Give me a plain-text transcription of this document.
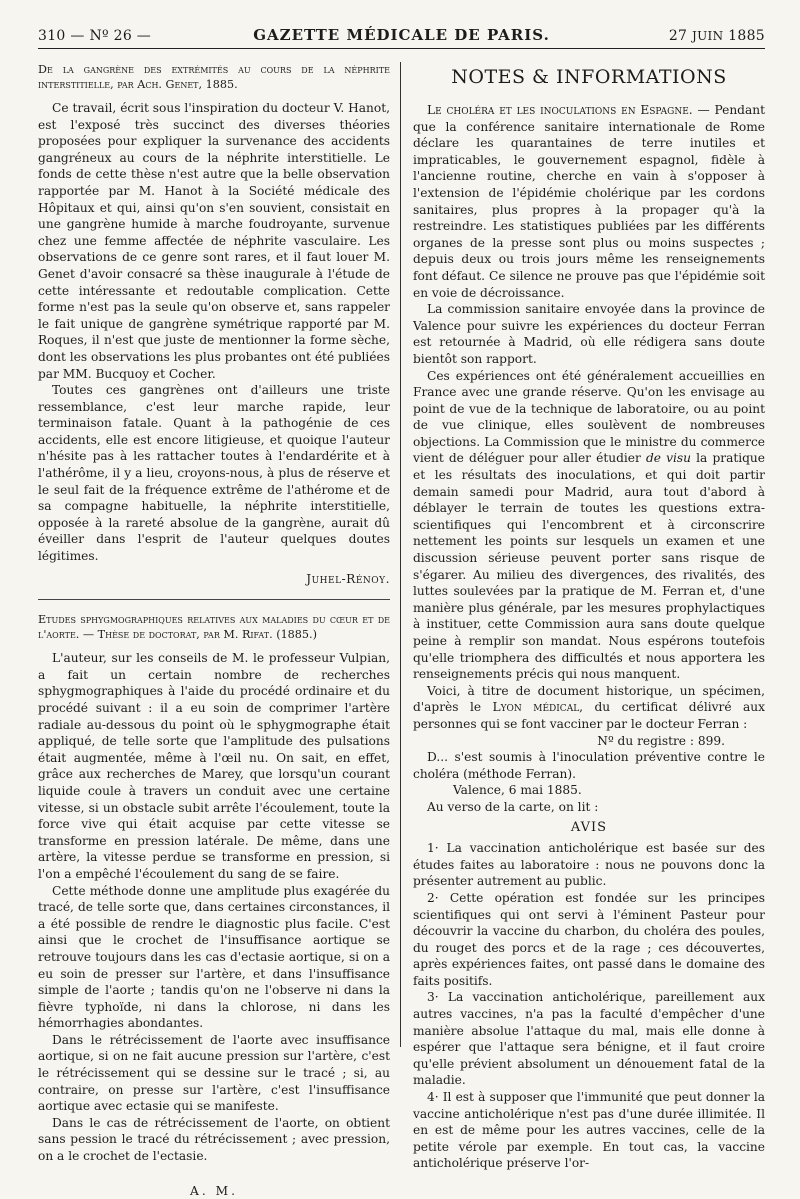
310 — Nº 26 —	GAZETTE MÉDICALE DE PARIS.	27 JUIN 1885

De la gangrène des extrémités au cours de la néphrite interstitielle, par Ach. Genet, 1885.

Ce travail, écrit sous l'inspiration du docteur V. Hanot, est l'exposé très succinct des diverses théories proposées pour expliquer la survenance des accidents gangréneux au cours de la néphrite interstitielle. Le fonds de cette thèse n'est autre que la belle observation rapportée par M. Hanot à la Société médicale des Hôpitaux et qui, ainsi qu'on s'en souvient, consistait en une gangrène humide à marche foudroyante, survenue chez une femme affectée de néphrite vasculaire. Les observations de ce genre sont rares, et il faut louer M. Genet d'avoir consacré sa thèse inaugurale à l'étude de cette intéressante et redoutable complication. Cette forme n'est pas la seule qu'on observe et, sans rappeler le fait unique de gangrène symétrique rapporté par M. Roques, il n'est que juste de mentionner la forme sèche, dont les observations les plus probantes ont été publiées par MM. Bucquoy et Cocher.

Toutes ces gangrènes ont d'ailleurs une triste ressemblance, c'est leur marche rapide, leur terminaison fatale. Quant à la pathogénie de ces accidents, elle est encore litigieuse, et quoique l'auteur n'hésite pas à les rattacher toutes à l'endardérite et à l'athérôme, il y a lieu, croyons-nous, à plus de réserve et le seul fait de la fréquence extrême de l'athérome et de sa compagne habituelle, la néphrite interstitielle, opposée à la rareté absolue de la gangrène, aurait dû éveiller dans l'esprit de l'auteur quelques doutes légitimes.

Juhel-Rénoy.

Etudes sphygmographiques relatives aux maladies du cœur et de l'aorte. — Thèse de doctorat, par M. Rifat. (1885.)

L'auteur, sur les conseils de M. le professeur Vulpian, a fait un certain nombre de recherches sphygmographiques à l'aide du procédé ordinaire et du procédé suivant : il a eu soin de comprimer l'artère radiale au-dessous du point où le sphygmographe était appliqué, de telle sorte que l'amplitude des pulsations était augmentée, même à l'œil nu. On sait, en effet, grâce aux recherches de Marey, que lorsqu'un courant liquide coule à travers un conduit avec une certaine vitesse, si un obstacle subit arrête l'écoulement, toute la force vive qui était acquise par cette vitesse se transforme en pression latérale. De même, dans une artère, la vitesse perdue se transforme en pression, si l'on a empêché l'écoulement du sang de se faire.

Cette méthode donne une amplitude plus exagérée du tracé, de telle sorte que, dans certaines circonstances, il a été possible de rendre le diagnostic plus facile. C'est ainsi que le crochet de l'insuffisance aortique se retrouve toujours dans les cas d'ectasie aortique, si on a eu soin de presser sur l'artère, et dans l'insuffisance simple de l'aorte ; tandis qu'on ne l'observe ni dans la fièvre typhoïde, ni dans la chlorose, ni dans les hémorrhagies abondantes.

Dans le rétrécissement de l'aorte avec insuffisance aortique, si on ne fait aucune pression sur l'artère, c'est le rétrécissement qui se dessine sur le tracé ; si, au contraire, on presse sur l'artère, c'est l'insuffisance aortique avec ectasie qui se manifeste.

Dans le cas de rétrécissement de l'aorte, on obtient sans pession le tracé du rétrécissement ; avec pression, on a le crochet de l'ectasie.

A. M.

NOTES & INFORMATIONS

Le choléra et les inoculations en Espagne. — Pendant que la conférence sanitaire internationale de Rome déclare les quarantaines de terre inutiles et impraticables, le gouvernement espagnol, fidèle à l'ancienne routine, cherche en vain à s'opposer à l'extension de l'épidémie cholérique par les cordons sanitaires, plus propres à la propager qu'à la restreindre. Les statistiques publiées par les différents organes de la presse sont plus ou moins suspectes ; depuis deux ou trois jours même les renseignements font défaut. Ce silence ne prouve pas que l'épidémie soit en voie de décroissance.

La commission sanitaire envoyée dans la province de Valence pour suivre les expériences du docteur Ferran est retournée à Madrid, où elle rédigera sans doute bientôt son rapport.

Ces expériences ont été généralement accueillies en France avec une grande réserve. Qu'on les envisage au point de vue de la technique de laboratoire, ou au point de vue clinique, elles soulèvent de nombreuses objections. La Commission que le ministre du commerce vient de déléguer pour aller étudier de visu la pratique et les résultats des inoculations, et qui doit partir demain samedi pour Madrid, aura tout d'abord à déblayer le terrain de toutes les questions extra-scientifiques qui l'encombrent et à circonscrire nettement les points sur lesquels un examen et une discussion sérieuse peuvent porter sans risque de s'égarer. Au milieu des divergences, des rivalités, des luttes soulevées par la pratique de M. Ferran et, d'une manière plus générale, par les mesures prophylactiques à instituer, cette Commission aura sans doute quelque peine à remplir son mandat. Nous espérons toutefois qu'elle triomphera des difficultés et nous apportera les renseignements précis qui nous manquent.

Voici, à titre de document historique, un spécimen, d'après le Lyon médical, du certificat délivré aux personnes qui se font vacciner par le docteur Ferran :

Nº du registre : 899.

D... s'est soumis à l'inoculation préventive contre le choléra (méthode Ferran).

Valence, 6 mai 1885.

Au verso de la carte, on lit :

AVIS

1· La vaccination anticholérique est basée sur des études faites au laboratoire : nous ne pouvons donc la présenter autrement au public.

2· Cette opération est fondée sur les principes scientifiques qui ont servi à l'éminent Pasteur pour découvrir la vaccine du charbon, du choléra des poules, du rouget des porcs et de la rage ; ces découvertes, après expériences faites, ont passé dans le domaine des faits positifs.

3· La vaccination anticholérique, pareillement aux autres vaccines, n'a pas la faculté d'empêcher d'une manière absolue l'attaque du mal, mais elle donne à espérer que l'attaque sera bénigne, et il faut croire qu'elle prévient absolument un dénouement fatal de la maladie.

4· Il est à supposer que l'immunité que peut donner la vaccine anticholérique n'est pas d'une durée illimitée. Il en est de même pour les autres vaccines, celle de la petite vérole par exemple. En tout cas, la vaccine anticholérique préserve l'or-
